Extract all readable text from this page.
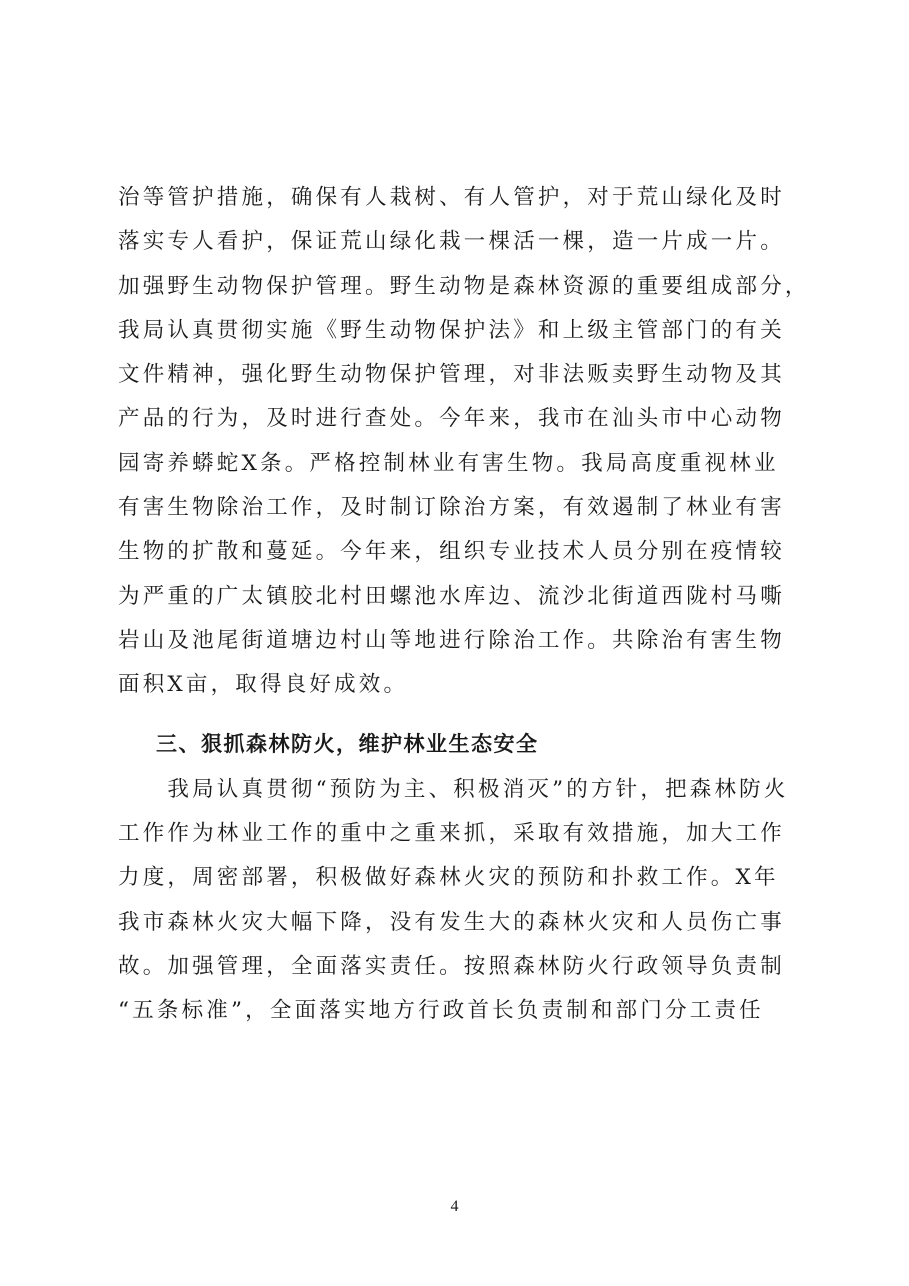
治等管护措施，确保有人栽树、有人管护，对于荒山绿化及时
落实专人看护，保证荒山绿化栽一棵活一棵，造一片成一片。
加强野生动物保护管理。野生动物是森林资源的重要组成部分，
我局认真贯彻实施《野生动物保护法》和上级主管部门的有关
文件精神，强化野生动物保护管理，对非法贩卖野生动物及其
产品的行为，及时进行查处。今年来，我市在汕头市中心动物
园寄养蟒蛇X条。严格控制林业有害生物。我局高度重视林业
有害生物除治工作，及时制订除治方案，有效遏制了林业有害
生物的扩散和蔓延。今年来，组织专业技术人员分别在疫情较
为严重的广太镇胶北村田螺池水库边、流沙北街道西陇村马嘶
岩山及池尾街道塘边村山等地进行除治工作。共除治有害生物
面积X亩，取得良好成效。
三、狠抓森林防火，维护林业生态安全
　　我局认真贯彻“预防为主、积极消灭”的方针，把森林防火
工作作为林业工作的重中之重来抓，采取有效措施，加大工作
力度，周密部署，积极做好森林火灾的预防和扑救工作。X年
我市森林火灾大幅下降，没有发生大的森林火灾和人员伤亡事
故。加强管理，全面落实责任。按照森林防火行政领导负责制
“五条标准”，全面落实地方行政首长负责制和部门分工责任
4
